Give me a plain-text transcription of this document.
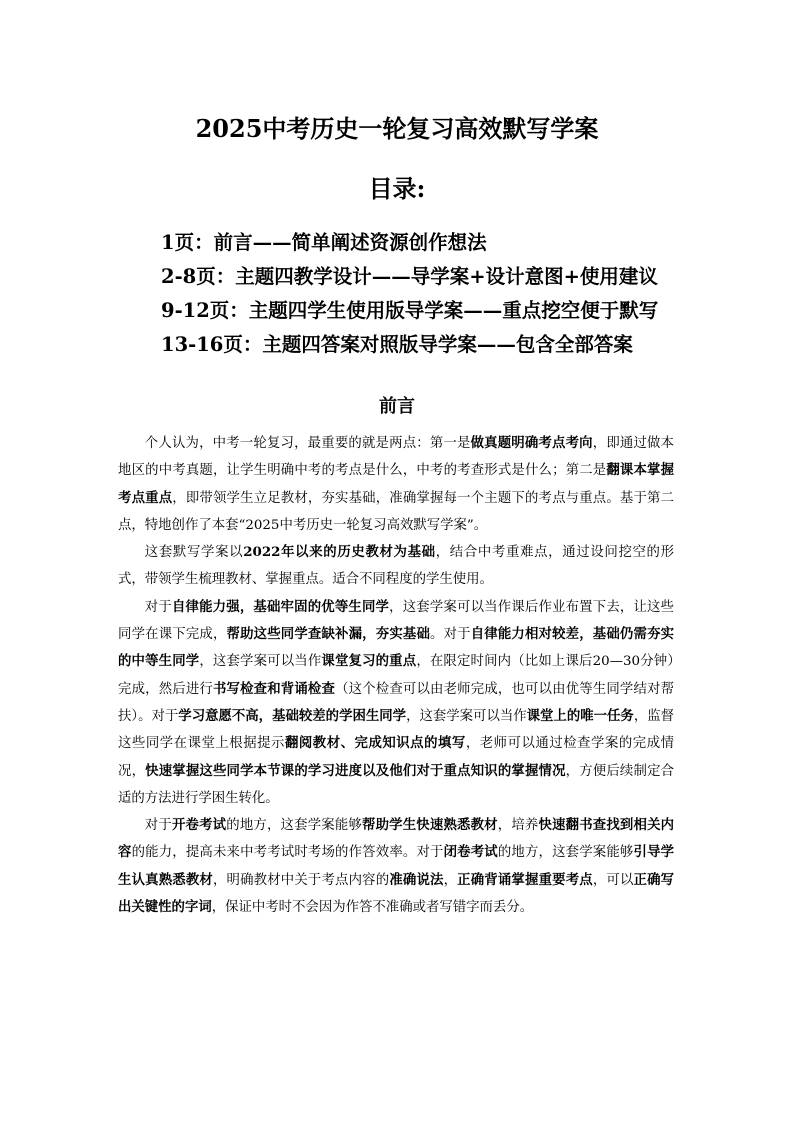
2025中考历史一轮复习高效默写学案
目录:
1页：前言——简单阐述资源创作想法
2-8页：主题四教学设计——导学案+设计意图+使用建议
9-12页：主题四学生使用版导学案——重点挖空便于默写
13-16页：主题四答案对照版导学案——包含全部答案
前言

个人认为，中考一轮复习，最重要的就是两点：第一是做真题明确考点考向，即通过做本地区的中考真题，让学生明确中考的考点是什么，中考的考查形式是什么；第二是翻课本掌握考点重点，即带领学生立足教材，夯实基础，准确掌握每一个主题下的考点与重点。基于第二点，特地创作了本套“2025中考历史一轮复习高效默写学案”。

这套默写学案以2022年以来的历史教材为基础，结合中考重难点，通过设问挖空的形式，带领学生梳理教材、掌握重点。适合不同程度的学生使用。

对于自律能力强，基础牢固的优等生同学，这套学案可以当作课后作业布置下去，让这些同学在课下完成，帮助这些同学查缺补漏，夯实基础。对于自律能力相对较差，基础仍需夯实的中等生同学，这套学案可以当作课堂复习的重点，在限定时间内（比如上课后20—30分钟）完成，然后进行书写检查和背诵检查（这个检查可以由老师完成，也可以由优等生同学结对帮扶）。对于学习意愿不高，基础较差的学困生同学，这套学案可以当作课堂上的唯一任务，监督这些同学在课堂上根据提示翻阅教材、完成知识点的填写，老师可以通过检查学案的完成情况，快速掌握这些同学本节课的学习进度以及他们对于重点知识的掌握情况，方便后续制定合适的方法进行学困生转化。

对于开卷考试的地方，这套学案能够帮助学生快速熟悉教材，培养快速翻书查找到相关内容的能力，提高未来中考考试时考场的作答效率。对于闭卷考试的地方，这套学案能够引导学生认真熟悉教材，明确教材中关于考点内容的准确说法，正确背诵掌握重要考点，可以正确写出关键性的字词，保证中考时不会因为作答不准确或者写错字而丢分。
